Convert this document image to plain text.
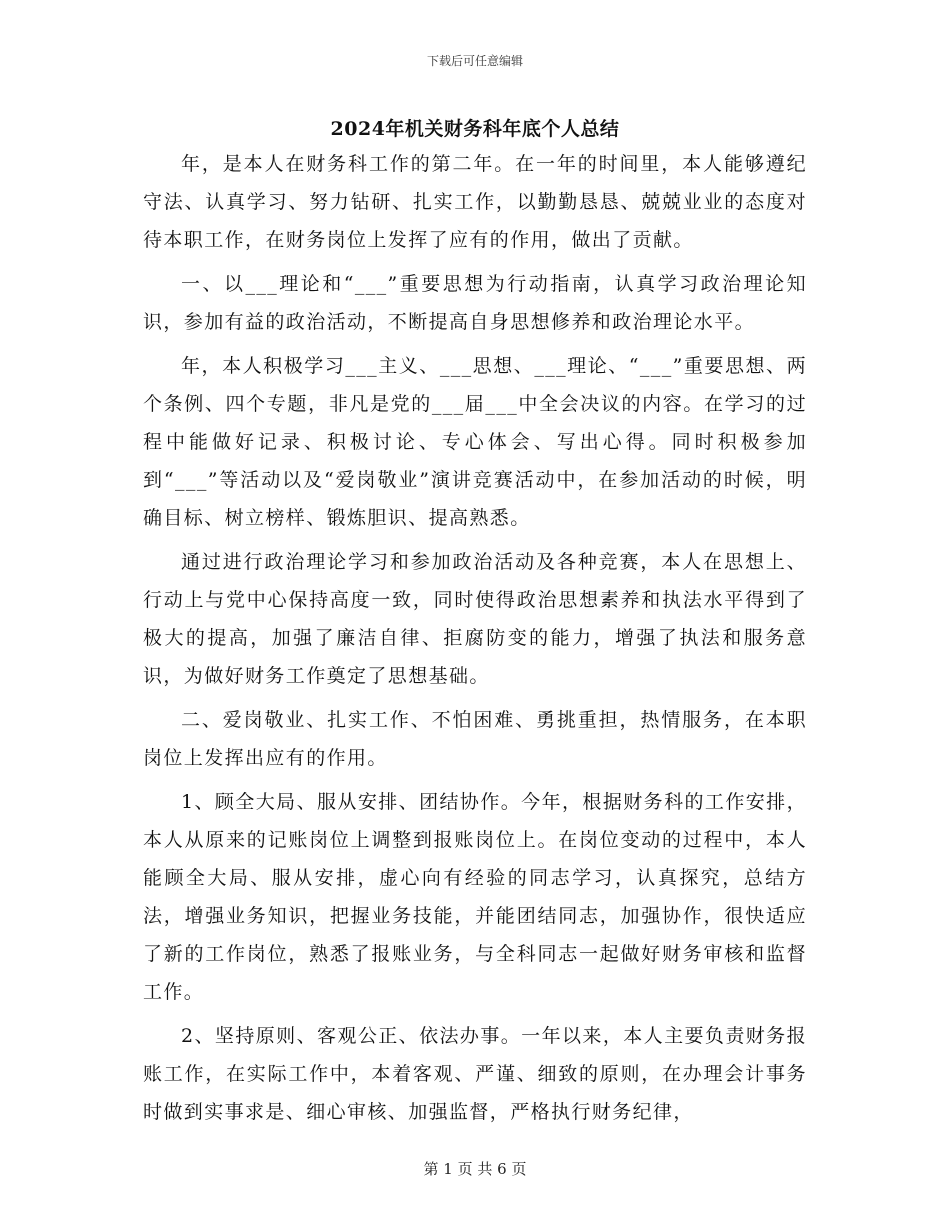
下载后可任意编辑
2024年机关财务科年底个人总结

年，是本人在财务科工作的第二年。在一年的时间里，本人能够遵纪守法、认真学习、努力钻研、扎实工作，以勤勤恳恳、兢兢业业的态度对待本职工作，在财务岗位上发挥了应有的作用，做出了贡献。

一、以___理论和“___”重要思想为行动指南，认真学习政治理论知识，参加有益的政治活动，不断提高自身思想修养和政治理论水平。

年，本人积极学习___主义、___思想、___理论、“___”重要思想、两个条例、四个专题，非凡是党的___届___中全会决议的内容。在学习的过程中能做好记录、积极讨论、专心体会、写出心得。同时积极参加到“___”等活动以及“爱岗敬业”演讲竞赛活动中，在参加活动的时候，明确目标、树立榜样、锻炼胆识、提高熟悉。

通过进行政治理论学习和参加政治活动及各种竞赛，本人在思想上、行动上与党中心保持高度一致，同时使得政治思想素养和执法水平得到了极大的提高，加强了廉洁自律、拒腐防变的能力，增强了执法和服务意识，为做好财务工作奠定了思想基础。

二、爱岗敬业、扎实工作、不怕困难、勇挑重担，热情服务，在本职岗位上发挥出应有的作用。

1、顾全大局、服从安排、团结协作。今年，根据财务科的工作安排，本人从原来的记账岗位上调整到报账岗位上。在岗位变动的过程中，本人能顾全大局、服从安排，虚心向有经验的同志学习，认真探究，总结方法，增强业务知识，把握业务技能，并能团结同志，加强协作，很快适应了新的工作岗位，熟悉了报账业务，与全科同志一起做好财务审核和监督工作。

2、坚持原则、客观公正、依法办事。一年以来，本人主要负责财务报账工作，在实际工作中，本着客观、严谨、细致的原则，在办理会计事务时做到实事求是、细心审核、加强监督，严格执行财务纪律，

第 1 页 共 6 页
